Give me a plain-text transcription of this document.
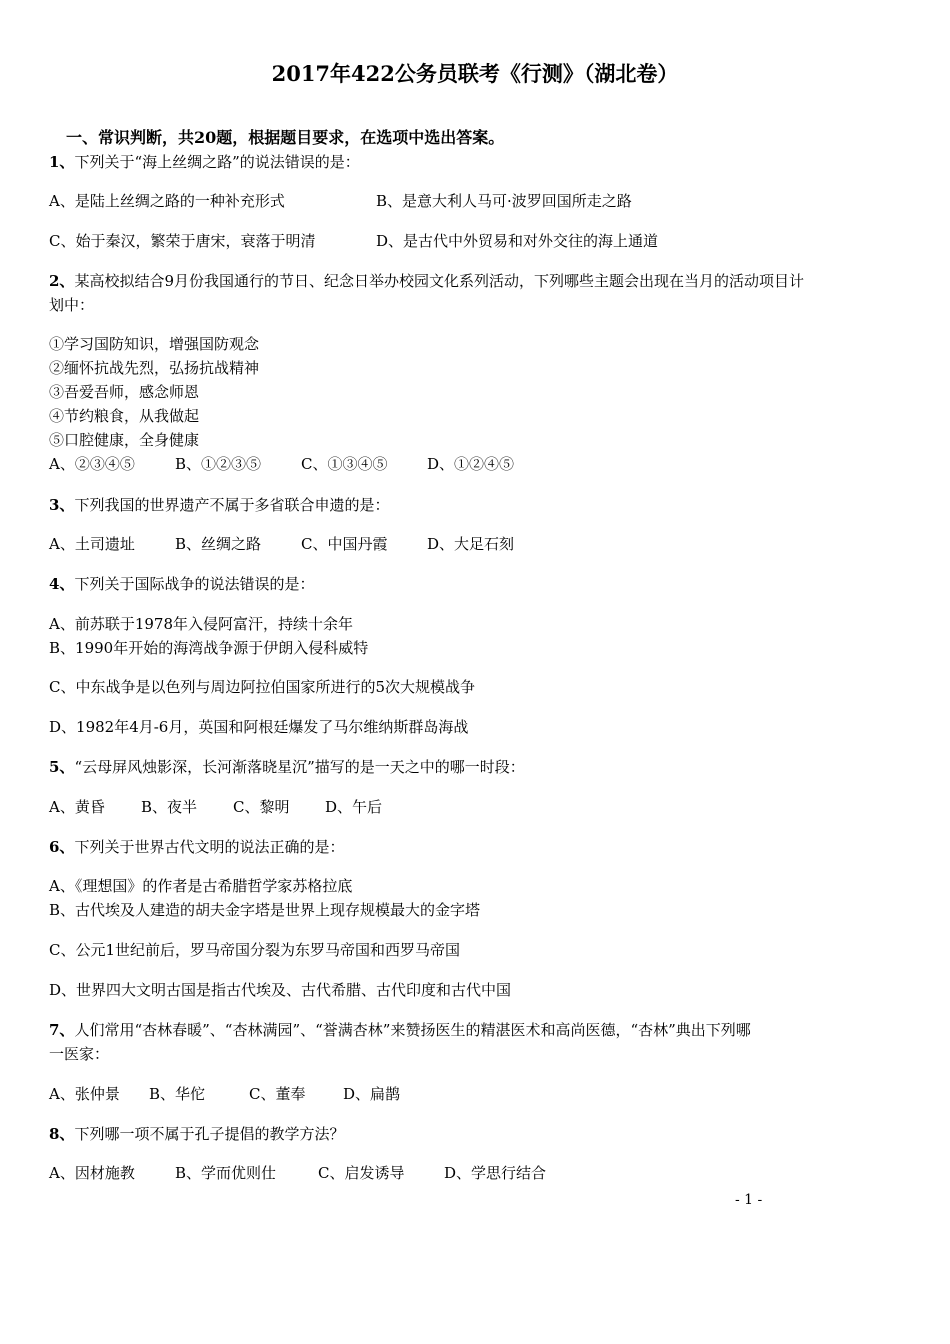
2017年422公务员联考《行测》（湖北卷）
一、常识判断，共20题，根据题目要求，在选项中选出答案。
1、下列关于“海上丝绸之路”的说法错误的是：
A、是陆上丝绸之路的一种补充形式	B、是意大利人马可·波罗回国所走之路
C、始于秦汉，繁荣于唐宋，衰落于明清	D、是古代中外贸易和对外交往的海上通道
2、某高校拟结合9月份我国通行的节日、纪念日举办校园文化系列活动，下列哪些主题会出现在当月的活动项目计
划中：
①学习国防知识，增强国防观念
②缅怀抗战先烈，弘扬抗战精神
③吾爱吾师，感念师恩
④节约粮食，从我做起
⑤口腔健康，全身健康
A、②③④⑤	B、①②③⑤	C、①③④⑤	D、①②④⑤
3、下列我国的世界遗产不属于多省联合申遗的是：
A、土司遗址	B、丝绸之路	C、中国丹霞	D、大足石刻
4、下列关于国际战争的说法错误的是：
A、前苏联于1978年入侵阿富汗，持续十余年
B、1990年开始的海湾战争源于伊朗入侵科威特
C、中东战争是以色列与周边阿拉伯国家所进行的5次大规模战争
D、1982年4月-6月，英国和阿根廷爆发了马尔维纳斯群岛海战
5、“云母屏风烛影深，长河渐落晓星沉”描写的是一天之中的哪一时段：
A、黄昏 B、夜半 C、黎明 D、午后
6、下列关于世界古代文明的说法正确的是：
A、《理想国》的作者是古希腊哲学家苏格拉底
B、古代埃及人建造的胡夫金字塔是世界上现存规模最大的金字塔
C、公元1世纪前后，罗马帝国分裂为东罗马帝国和西罗马帝国
D、世界四大文明古国是指古代埃及、古代希腊、古代印度和古代中国
7、人们常用“杏林春暖”、“杏林满园”、“誉满杏林”来赞扬医生的精湛医术和高尚医德，“杏林”典出下列哪
一医家：
A、张仲景 B、华佗	C、董奉	D、扁鹊
8、下列哪一项不属于孔子提倡的教学方法？
A、因材施教	B、学而优则仕	C、启发诱导	D、学思行结合
- 1 -
